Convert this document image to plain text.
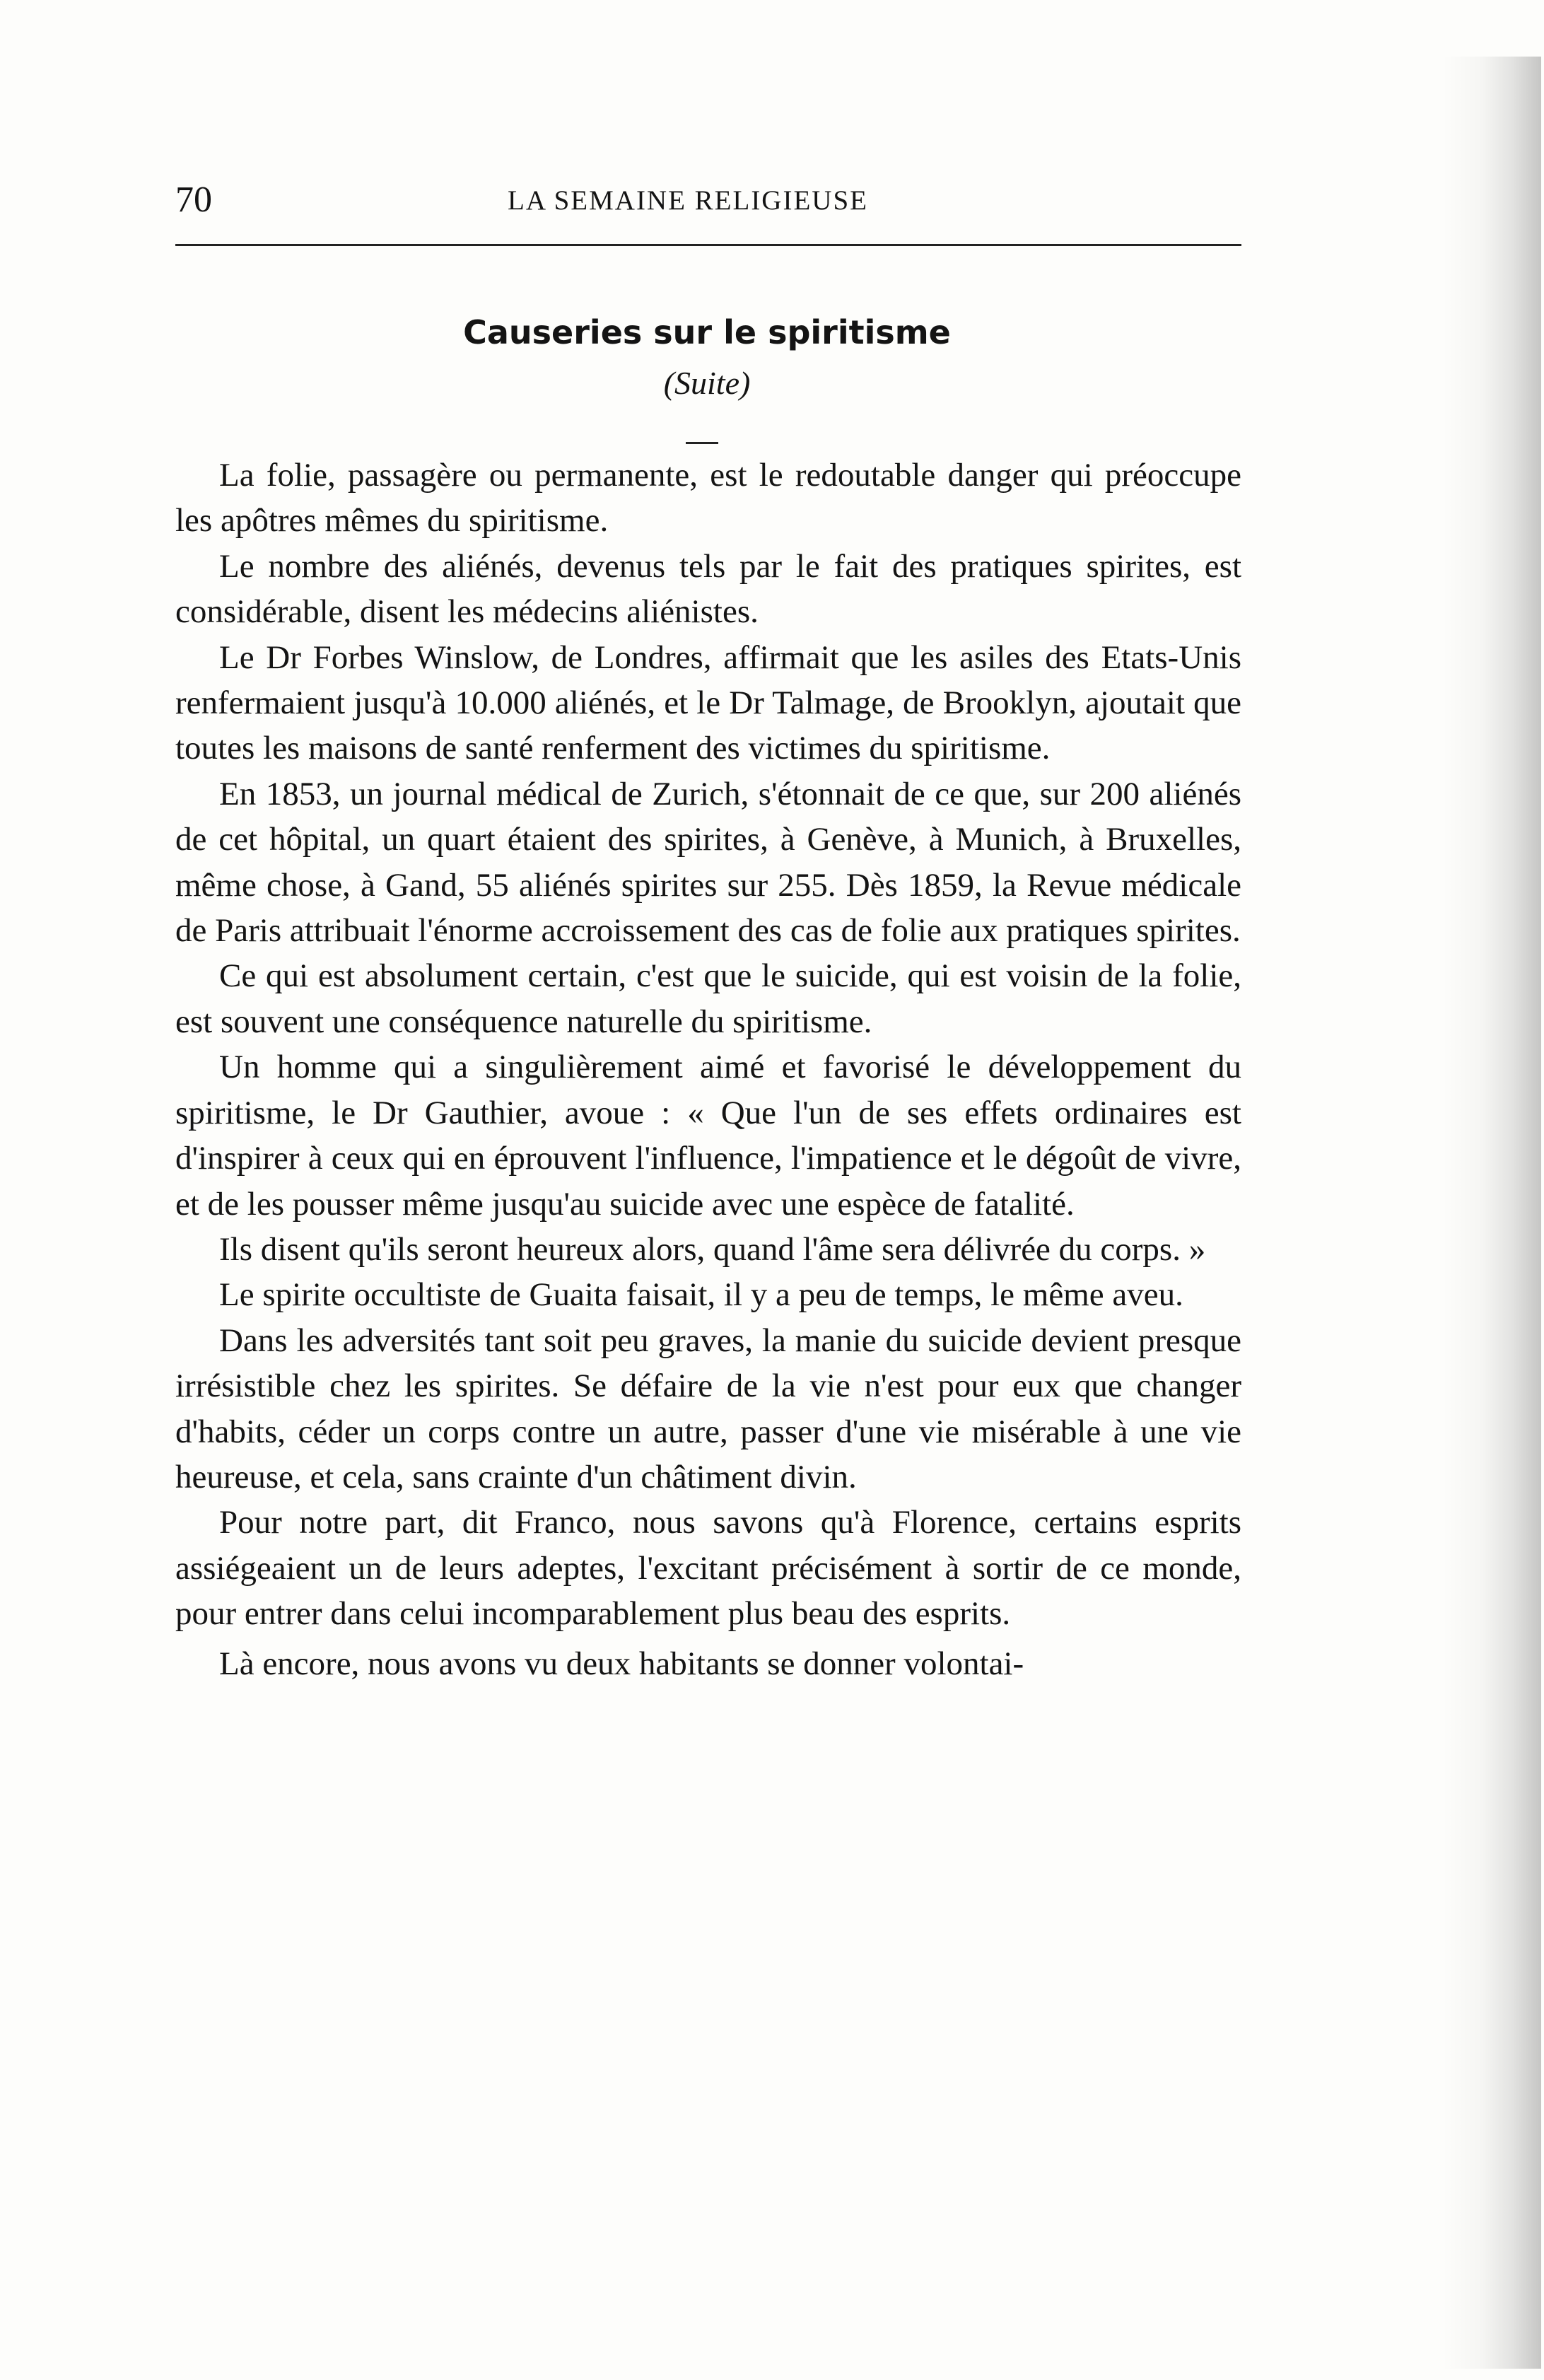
70	LA SEMAINE RELIGIEUSE
Causeries sur le spiritisme
(Suite)

La folie, passagère ou permanente, est le redoutable danger qui préoccupe les apôtres mêmes du spiritisme.

Le nombre des aliénés, devenus tels par le fait des pratiques spirites, est considérable, disent les médecins aliénistes.

Le Dr Forbes Winslow, de Londres, affirmait que les asiles des Etats-Unis renfermaient jusqu'à 10.000 aliénés, et le Dr Talmage, de Brooklyn, ajoutait que toutes les maisons de santé renferment des victimes du spiritisme.

En 1853, un journal médical de Zurich, s'étonnait de ce que, sur 200 aliénés de cet hôpital, un quart étaient des spirites, à Genève, à Munich, à Bruxelles, même chose, à Gand, 55 aliénés spirites sur 255. Dès 1859, la Revue médicale de Paris attribuait l'énorme accroissement des cas de folie aux pratiques spirites.

Ce qui est absolument certain, c'est que le suicide, qui est voisin de la folie, est souvent une conséquence naturelle du spiritisme.

Un homme qui a singulièrement aimé et favorisé le développement du spiritisme, le Dr Gauthier, avoue : « Que l'un de ses effets ordinaires est d'inspirer à ceux qui en éprouvent l'influence, l'impatience et le dégoût de vivre, et de les pousser même jusqu'au suicide avec une espèce de fatalité.

Ils disent qu'ils seront heureux alors, quand l'âme sera délivrée du corps. »

Le spirite occultiste de Guaita faisait, il y a peu de temps, le même aveu.

Dans les adversités tant soit peu graves, la manie du suicide devient presque irrésistible chez les spirites. Se défaire de la vie n'est pour eux que changer d'habits, céder un corps contre un autre, passer d'une vie misérable à une vie heureuse, et cela, sans crainte d'un châtiment divin.

Pour notre part, dit Franco, nous savons qu'à Florence, certains esprits assiégeaient un de leurs adeptes, l'excitant précisément à sortir de ce monde, pour entrer dans celui incomparablement plus beau des esprits.

Là encore, nous avons vu deux habitants se donner volontai-
